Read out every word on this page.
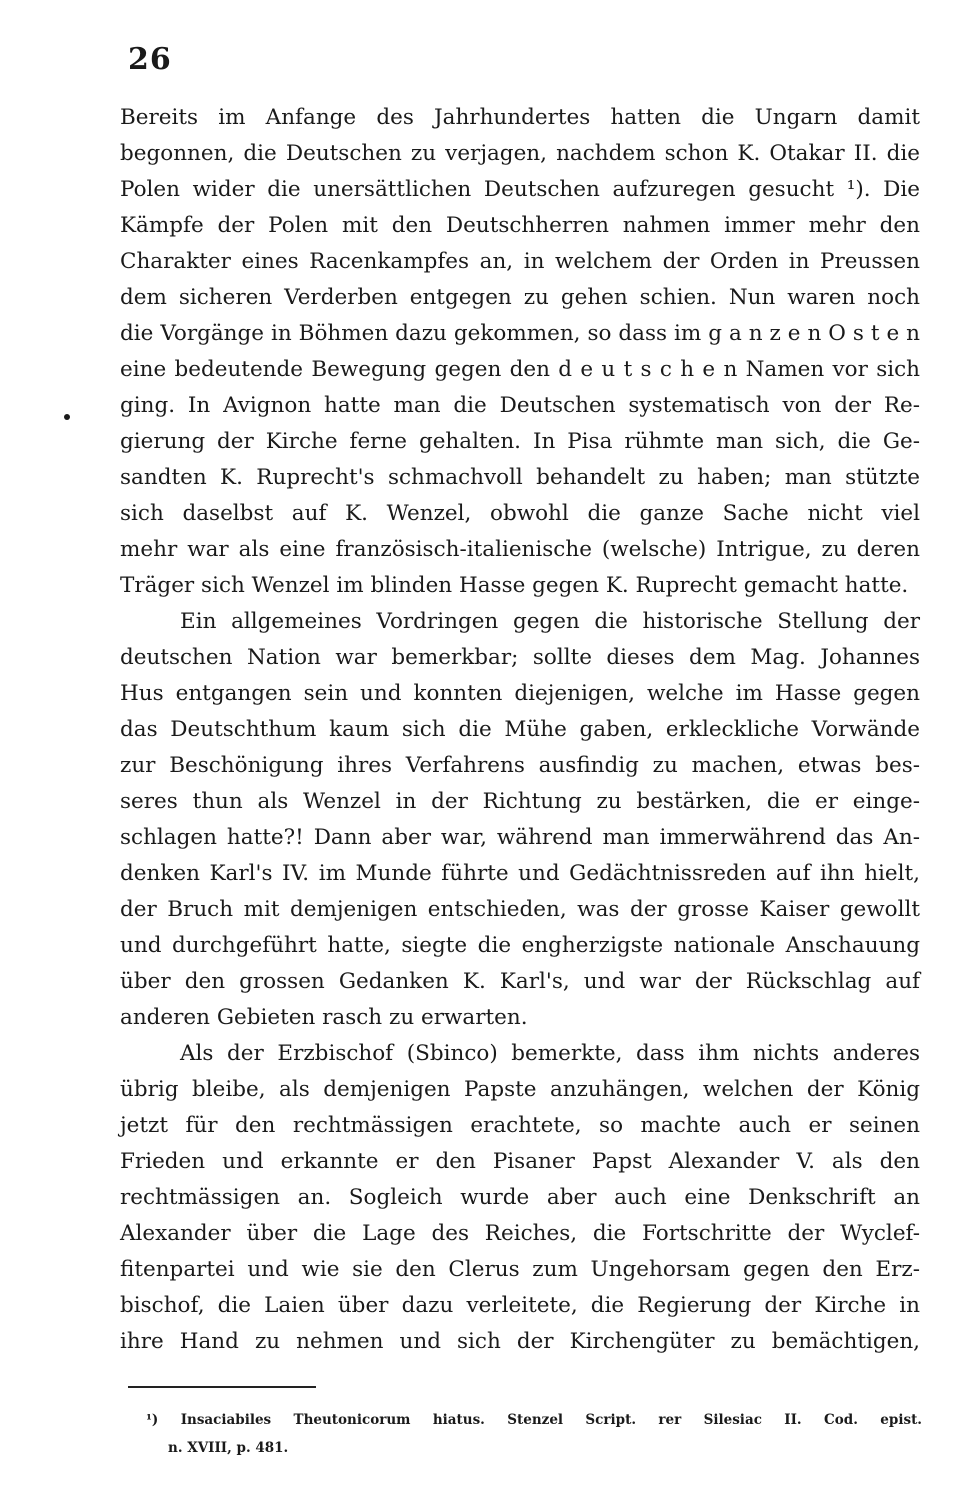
26
Bereits im Anfange des Jahrhundertes hatten die Ungarn damit
begonnen, die Deutschen zu verjagen, nachdem schon K. Otakar II. die
Polen wider die unersättlichen Deutschen aufzuregen gesucht ¹). Die
Kämpfe der Polen mit den Deutschherren nahmen immer mehr den
Charakter eines Racenkampfes an, in welchem der Orden in Preussen
dem sicheren Verderben entgegen zu gehen schien. Nun waren noch
die Vorgänge in Böhmen dazu gekommen, so dass im g a n z e n O s t e n
eine bedeutende Bewegung gegen den d e u t s c h e n Namen vor sich
ging. In Avignon hatte man die Deutschen systematisch von der Re-
gierung der Kirche ferne gehalten. In Pisa rühmte man sich, die Ge-
sandten K. Ruprecht's schmachvoll behandelt zu haben; man stützte
sich daselbst auf K. Wenzel, obwohl die ganze Sache nicht viel
mehr war als eine französisch-italienische (welsche) Intrigue, zu deren
Träger sich Wenzel im blinden Hasse gegen K. Ruprecht gemacht hatte.
Ein allgemeines Vordringen gegen die historische Stellung der
deutschen Nation war bemerkbar; sollte dieses dem Mag. Johannes
Hus entgangen sein und konnten diejenigen, welche im Hasse gegen
das Deutschthum kaum sich die Mühe gaben, erkleckliche Vorwände
zur Beschönigung ihres Verfahrens ausfindig zu machen, etwas bes-
seres thun als Wenzel in der Richtung zu bestärken, die er einge-
schlagen hatte?! Dann aber war, während man immerwährend das An-
denken Karl's IV. im Munde führte und Gedächtnissreden auf ihn hielt,
der Bruch mit demjenigen entschieden, was der grosse Kaiser gewollt
und durchgeführt hatte, siegte die engherzigste nationale Anschauung
über den grossen Gedanken K. Karl's, und war der Rückschlag auf
anderen Gebieten rasch zu erwarten.
Als der Erzbischof (Sbinco) bemerkte, dass ihm nichts anderes
übrig bleibe, als demjenigen Papste anzuhängen, welchen der König
jetzt für den rechtmässigen erachtete, so machte auch er seinen
Frieden und erkannte er den Pisaner Papst Alexander V. als den
rechtmässigen an. Sogleich wurde aber auch eine Denkschrift an
Alexander über die Lage des Reiches, die Fortschritte der Wyclef-
fitenpartei und wie sie den Clerus zum Ungehorsam gegen den Erz-
bischof, die Laien über dazu verleitete, die Regierung der Kirche in
ihre Hand zu nehmen und sich der Kirchengüter zu bemächtigen,
¹) Insaciabiles Theutonicorum hiatus. Stenzel Script. rer Silesiac II. Cod. epist.
n. XVIII, p. 481.
